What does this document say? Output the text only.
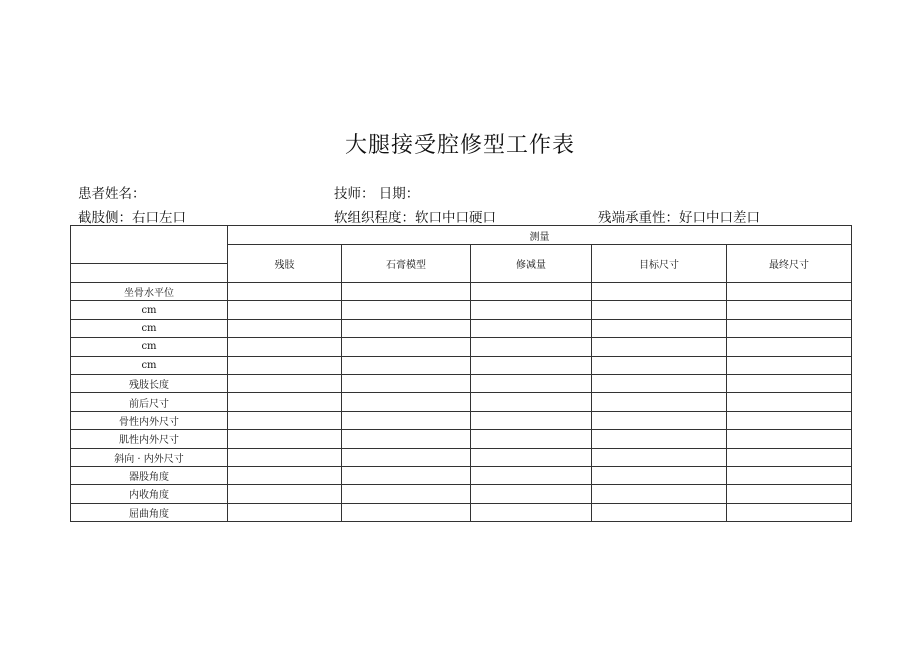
大腿接受腔修型工作表
患者姓名：	技师： 日期：
截肢侧：右口左口	软组织程度：软口中口硬口	残端承重性：好口中口差口
	测量				
	残肢	石膏模型	修减量	目标尺寸	最终尺寸

坐骨水平位					
cm					
cm					
cm					
cm					
残肢长度					
前后尺寸					
骨性内外尺寸					
肌性内外尺寸					
斜向 · 内外尺寸					
器股角度					
内收角度					
屈曲角度					
